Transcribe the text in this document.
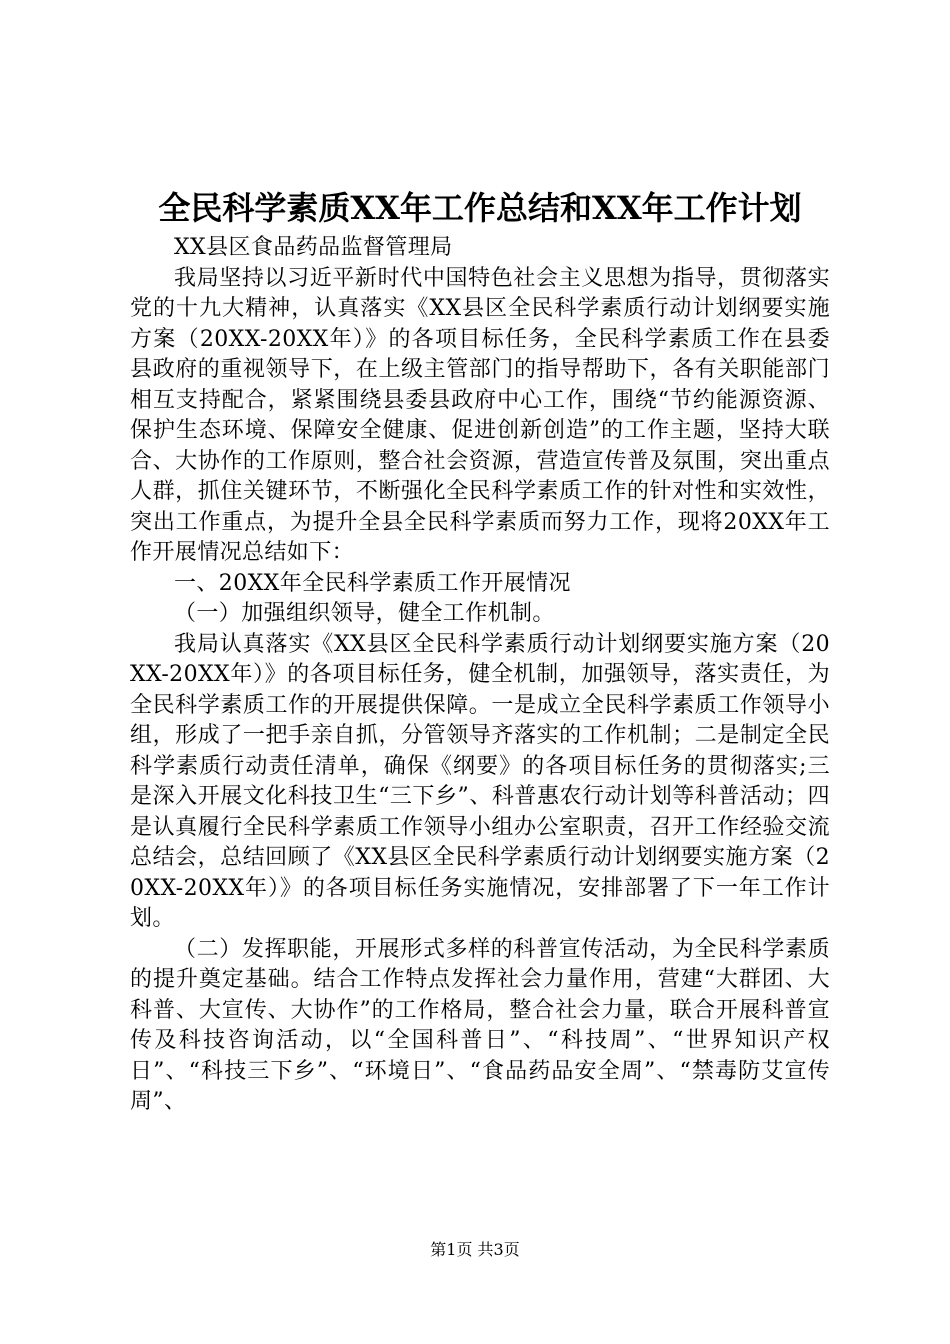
全民科学素质XX年工作总结和XX年工作计划

XX县区食品药品监督管理局

我局坚持以习近平新时代中国特色社会主义思想为指导，贯彻落实党的十九大精神，认真落实《XX县区全民科学素质行动计划纲要实施方案（20XX-20XX年）》的各项目标任务，全民科学素质工作在县委县政府的重视领导下，在上级主管部门的指导帮助下，各有关职能部门相互支持配合，紧紧围绕县委县政府中心工作，围绕“节约能源资源、保护生态环境、保障安全健康、促进创新创造”的工作主题，坚持大联合、大协作的工作原则，整合社会资源，营造宣传普及氛围，突出重点人群，抓住关键环节，不断强化全民科学素质工作的针对性和实效性，突出工作重点，为提升全县全民科学素质而努力工作，现将20XX年工作开展情况总结如下：

一、20XX年全民科学素质工作开展情况

（一）加强组织领导，健全工作机制。

我局认真落实《XX县区全民科学素质行动计划纲要实施方案（20XX-20XX年）》的各项目标任务，健全机制，加强领导，落实责任，为全民科学素质工作的开展提供保障。一是成立全民科学素质工作领导小组，形成了一把手亲自抓，分管领导齐落实的工作机制；二是制定全民科学素质行动责任清单，确保《纲要》的各项目标任务的贯彻落实;三是深入开展文化科技卫生“三下乡”、科普惠农行动计划等科普活动；四是认真履行全民科学素质工作领导小组办公室职责，召开工作经验交流总结会，总结回顾了《XX县区全民科学素质行动计划纲要实施方案（20XX-20XX年）》的各项目标任务实施情况，安排部署了下一年工作计划。

（二）发挥职能，开展形式多样的科普宣传活动，为全民科学素质的提升奠定基础。结合工作特点发挥社会力量作用，营建“大群团、大科普、大宣传、大协作”的工作格局，整合社会力量，联合开展科普宣传及科技咨询活动，以“全国科普日”、“科技周”、“世界知识产权日”、“科技三下乡”、“环境日”、“食品药品安全周”、“禁毒防艾宣传周”、

第1页 共3页
